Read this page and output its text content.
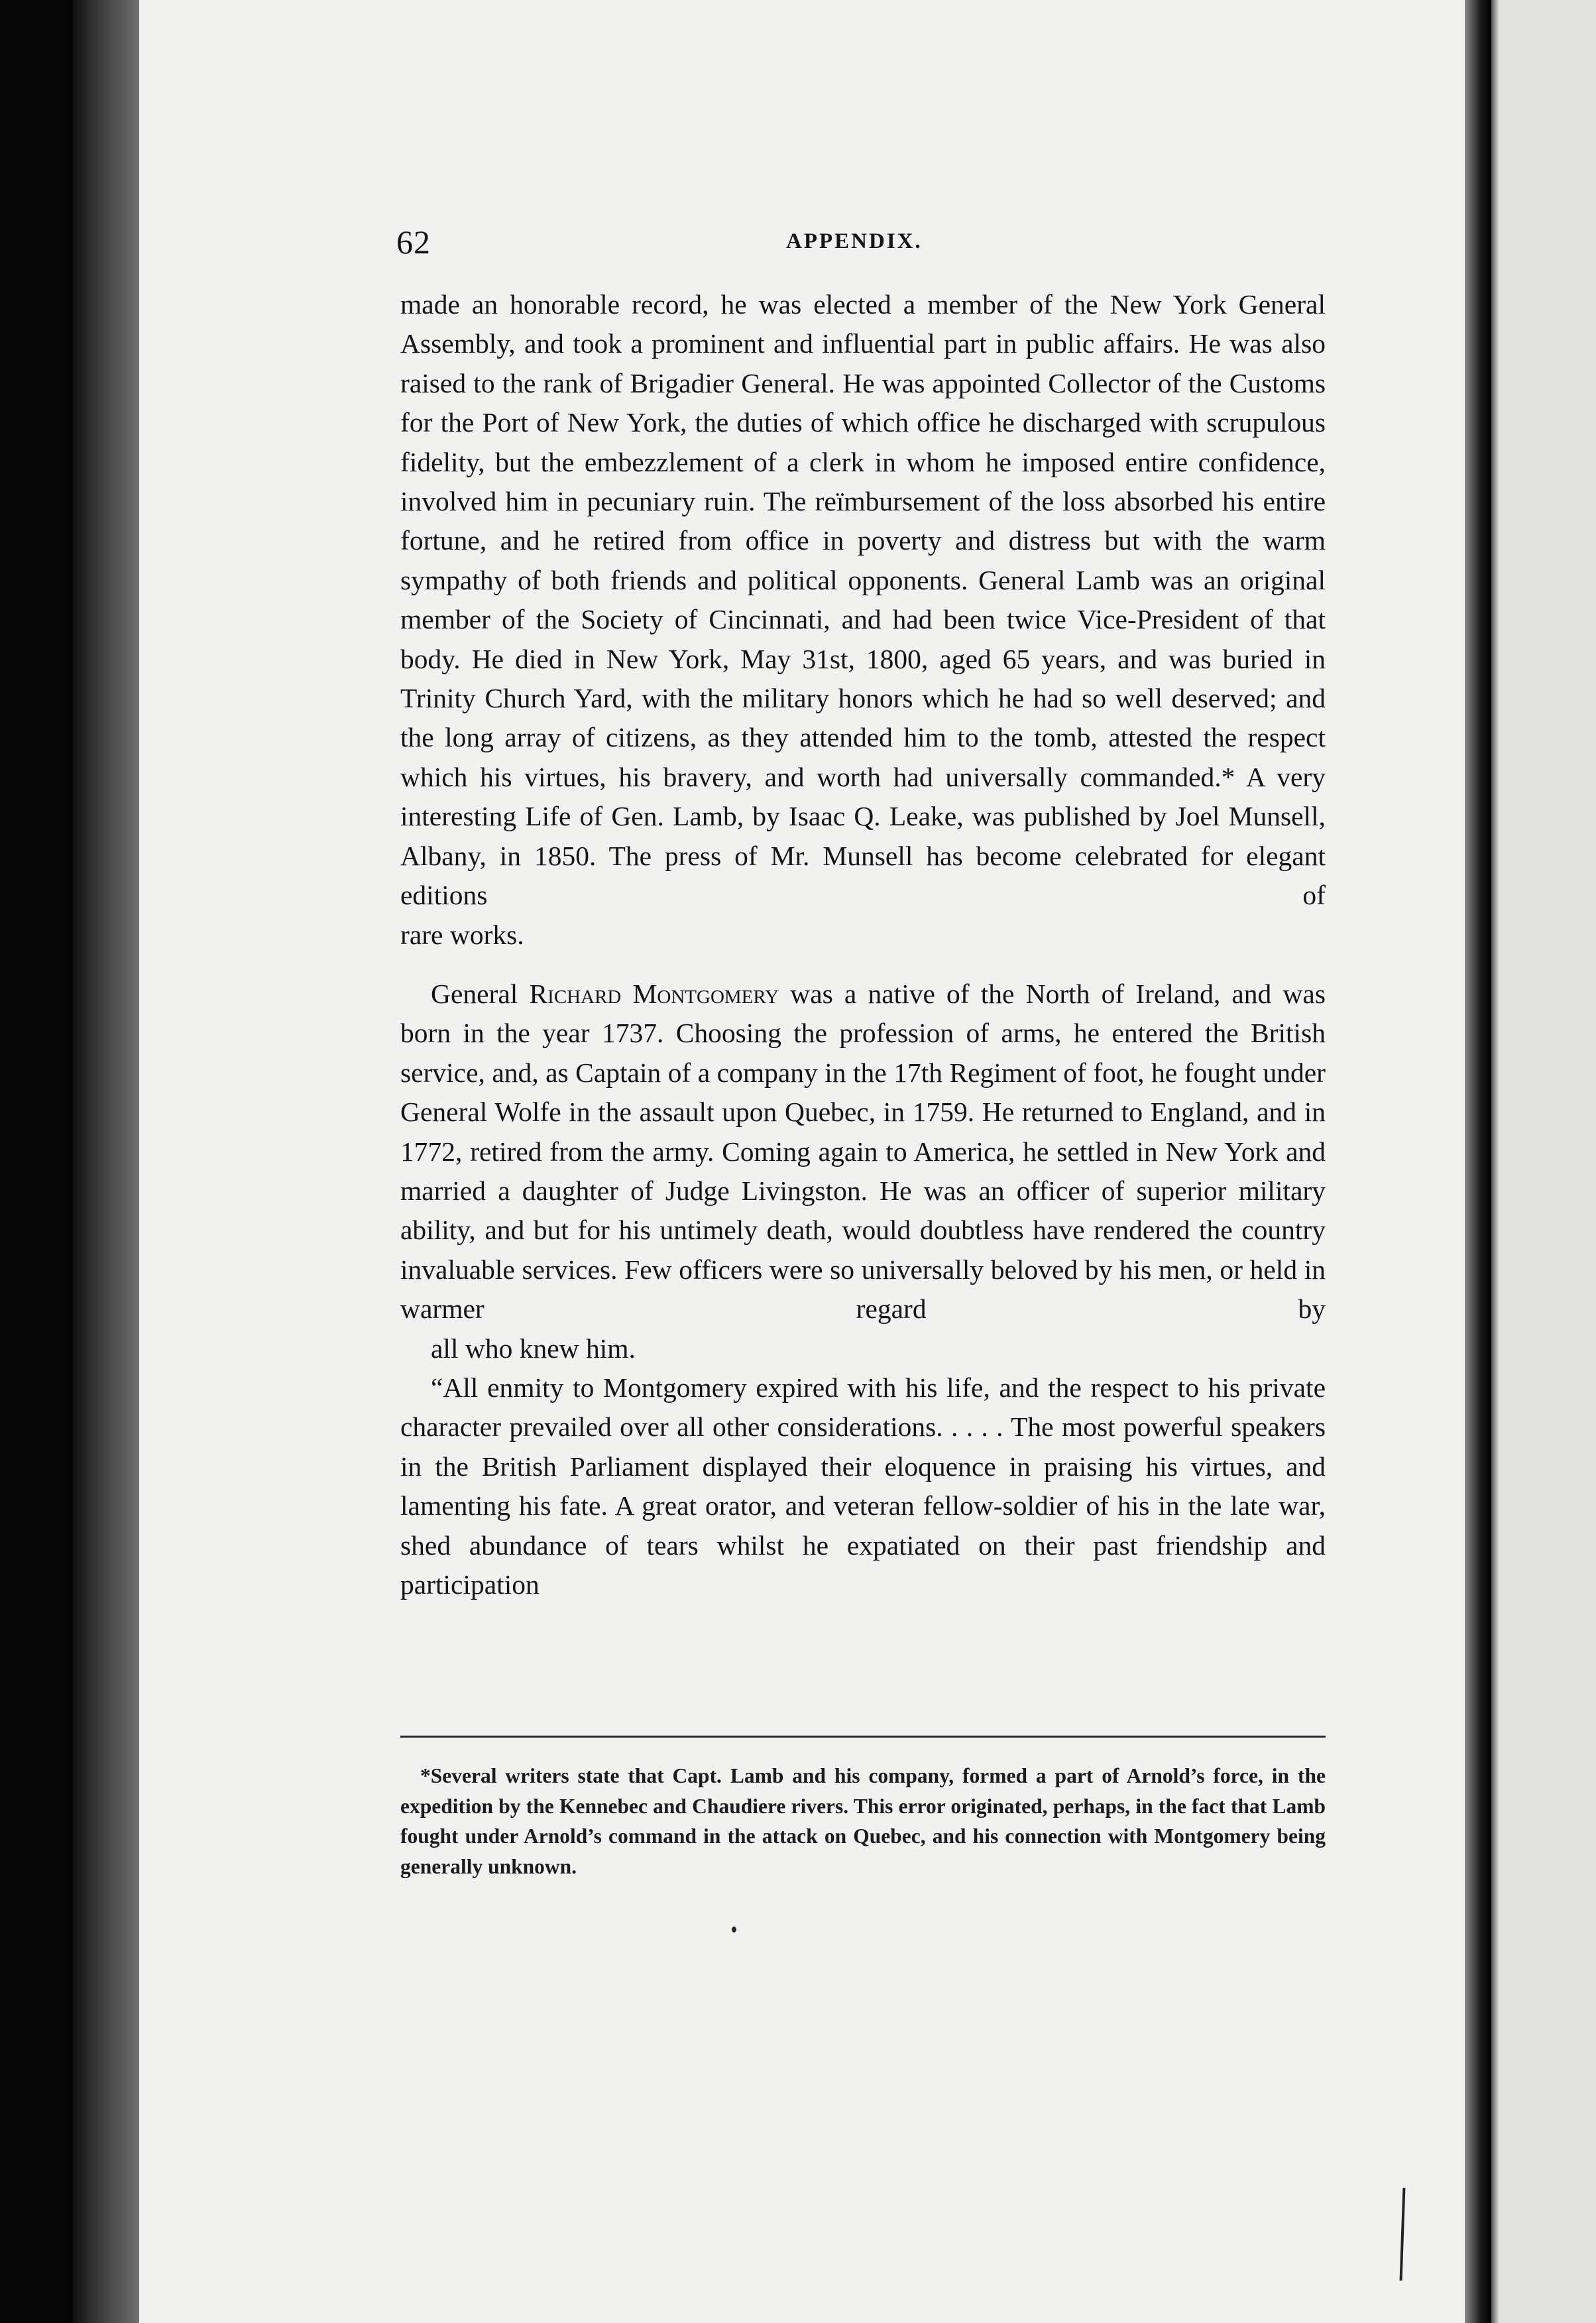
62	APPENDIX.

made an honorable record, he was elected a member of the New York General Assembly, and took a prominent and influential part in public affairs. He was also raised to the rank of Brigadier General. He was appointed Collector of the Customs for the Port of New York, the duties of which office he discharged with scrupulous fidelity, but the embezzlement of a clerk in whom he imposed entire confidence, involved him in pecuniary ruin. The reïmbursement of the loss absorbed his entire fortune, and he retired from office in poverty and distress but with the warm sympathy of both friends and political opponents. General Lamb was an original member of the Society of Cincinnati, and had been twice Vice-President of that body. He died in New York, May 31st, 1800, aged 65 years, and was buried in Trinity Church Yard, with the military honors which he had so well deserved; and the long array of citizens, as they attended him to the tomb, attested the respect which his virtues, his bravery, and worth had universally commanded.* A very interesting Life of Gen. Lamb, by Isaac Q. Leake, was published by Joel Munsell, Albany, in 1850. The press of Mr. Munsell has become celebrated for elegant editions of
rare works.

General Richard Montgomery was a native of the North of Ireland, and was born in the year 1737. Choosing the profession of arms, he entered the British service, and, as Captain of a company in the 17th Regiment of foot, he fought under General Wolfe in the assault upon Quebec, in 1759. He returned to England, and in 1772, retired from the army. Coming again to America, he settled in New York and married a daughter of Judge Livingston. He was an officer of superior military ability, and but for his untimely death, would doubtless have rendered the country invaluable services. Few officers were so universally beloved by his men, or held in warmer regard by
all who knew him.

“All enmity to Montgomery expired with his life, and the respect to his private character prevailed over all other considerations. . . . . The most powerful speakers in the British Parliament displayed their eloquence in praising his virtues, and lamenting his fate. A great orator, and veteran fellow-soldier of his in the late war, shed abundance of tears whilst he expatiated on their past friendship and participation

*Several writers state that Capt. Lamb and his company, formed a part of Arnold’s force, in the expedition by the Kennebec and Chaudiere rivers. This error originated, perhaps, in the fact that Lamb fought under Arnold’s command in the attack on Quebec, and his connection with Montgomery being generally unknown.
